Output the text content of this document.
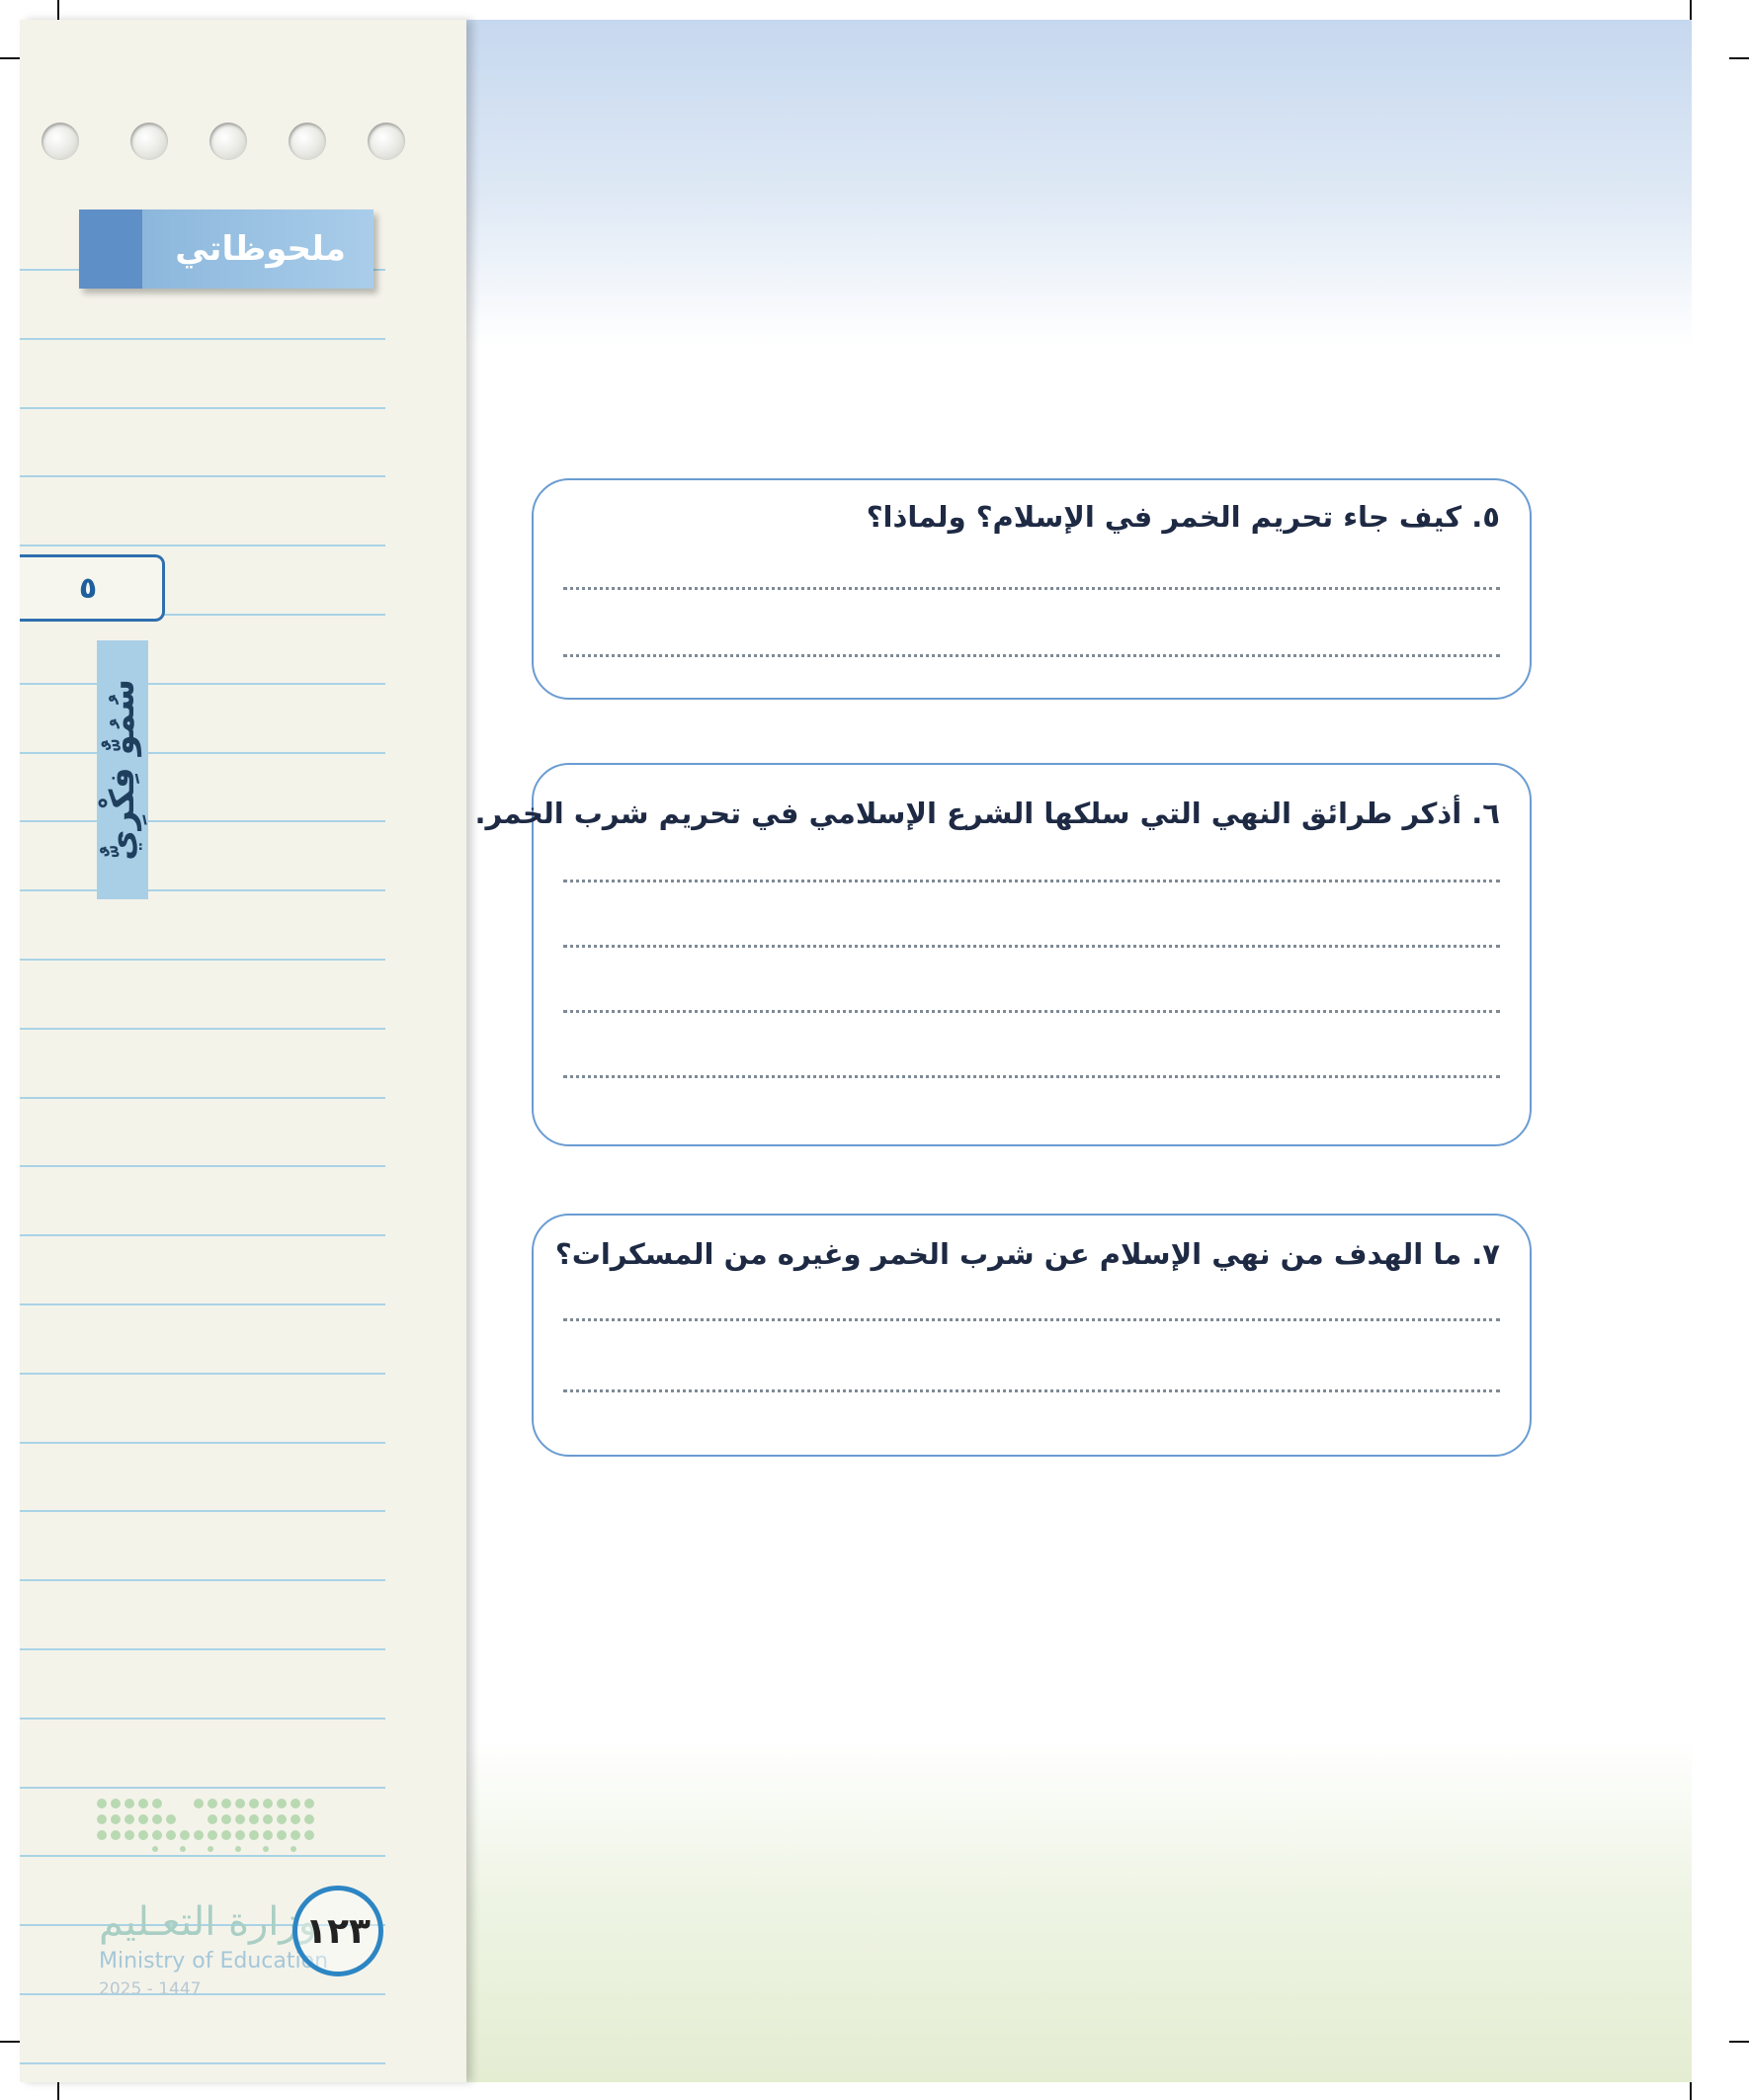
ملحوظاتي
٥
سُمُوٌّ فِكْرِيٌّ
٥. كيف جاء تحريم الخمر في الإسلام؟ ولماذا؟
٦. أذكر طرائق النهي التي سلكها الشرع الإسلامي في تحريم شرب الخمر.
٧. ما الهدف من نهي الإسلام عن شرب الخمر وغيره من المسكرات؟
وزارة التعـليم
Ministry of Education
2025 - 1447
١٢٣
